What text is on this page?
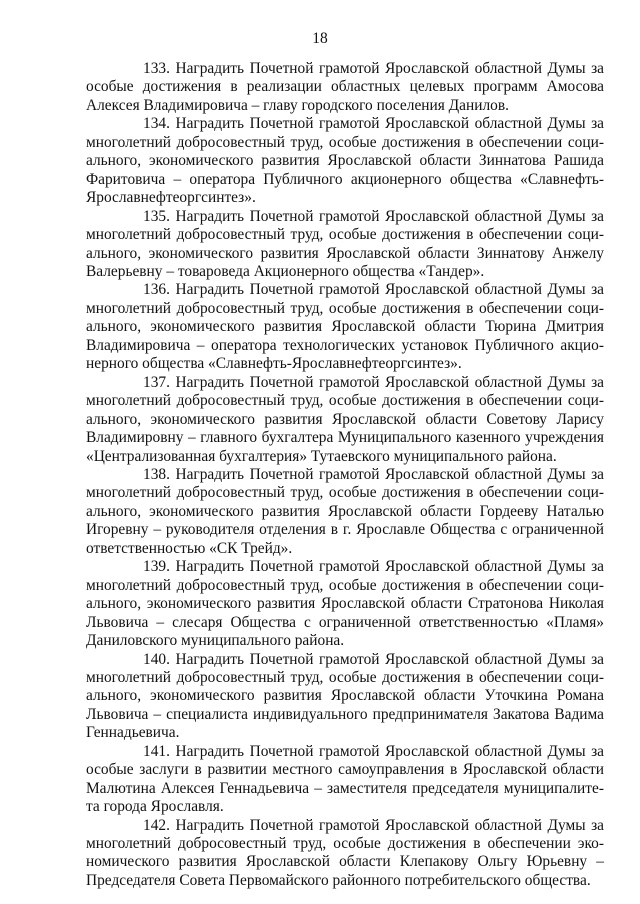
18

133. Наградить Почетной грамотой Ярославской областной Думы за особые достижения в реализации областных целевых программ Амосова Алексея Владимировича – главу городского поселения Данилов.

134. Наградить Почетной грамотой Ярославской областной Думы за многолетний добросовестный труд, особые достижения в обеспечении социального, экономического развития Ярославской области Зиннатова Рашида Фаритовича – оператора Публичного акционерного общества «Славнефть-Ярославнефтеоргсинтез».

135. Наградить Почетной грамотой Ярославской областной Думы за многолетний добросовестный труд, особые достижения в обеспечении социального, экономического развития Ярославской области Зиннатову Анжелу Валерьевну – товароведа Акционерного общества «Тандер».

136. Наградить Почетной грамотой Ярославской областной Думы за многолетний добросовестный труд, особые достижения в обеспечении социального, экономического развития Ярославской области Тюрина Дмитрия Владимировича – оператора технологических установок Публичного акционерного общества «Славнефть-Ярославнефтеоргсинтез».

137. Наградить Почетной грамотой Ярославской областной Думы за многолетний добросовестный труд, особые достижения в обеспечении социального, экономического развития Ярославской области Советову Ларису Владимировну – главного бухгалтера Муниципального казенного учреждения «Централизованная бухгалтерия» Тутаевского муниципального района.

138. Наградить Почетной грамотой Ярославской областной Думы за многолетний добросовестный труд, особые достижения в обеспечении социального, экономического развития Ярославской области Гордееву Наталью Игоревну – руководителя отделения в г. Ярославле Общества с ограниченной ответственностью «СК Трейд».

139. Наградить Почетной грамотой Ярославской областной Думы за многолетний добросовестный труд, особые достижения в обеспечении социального, экономического развития Ярославской области Стратонова Николая Львовича – слесаря Общества с ограниченной ответственностью «Пламя» Даниловского муниципального района.

140. Наградить Почетной грамотой Ярославской областной Думы за многолетний добросовестный труд, особые достижения в обеспечении социального, экономического развития Ярославской области Уточкина Романа Львовича – специалиста индивидуального предпринимателя Закатова Вадима Геннадьевича.

141. Наградить Почетной грамотой Ярославской областной Думы за особые заслуги в развитии местного самоуправления в Ярославской области Малютина Алексея Геннадьевича – заместителя председателя муниципалитета города Ярославля.

142. Наградить Почетной грамотой Ярославской областной Думы за многолетний добросовестный труд, особые достижения в обеспечении экономического развития Ярославской области Клепакову Ольгу Юрьевну – Председателя Совета Первомайского районного потребительского общества.
